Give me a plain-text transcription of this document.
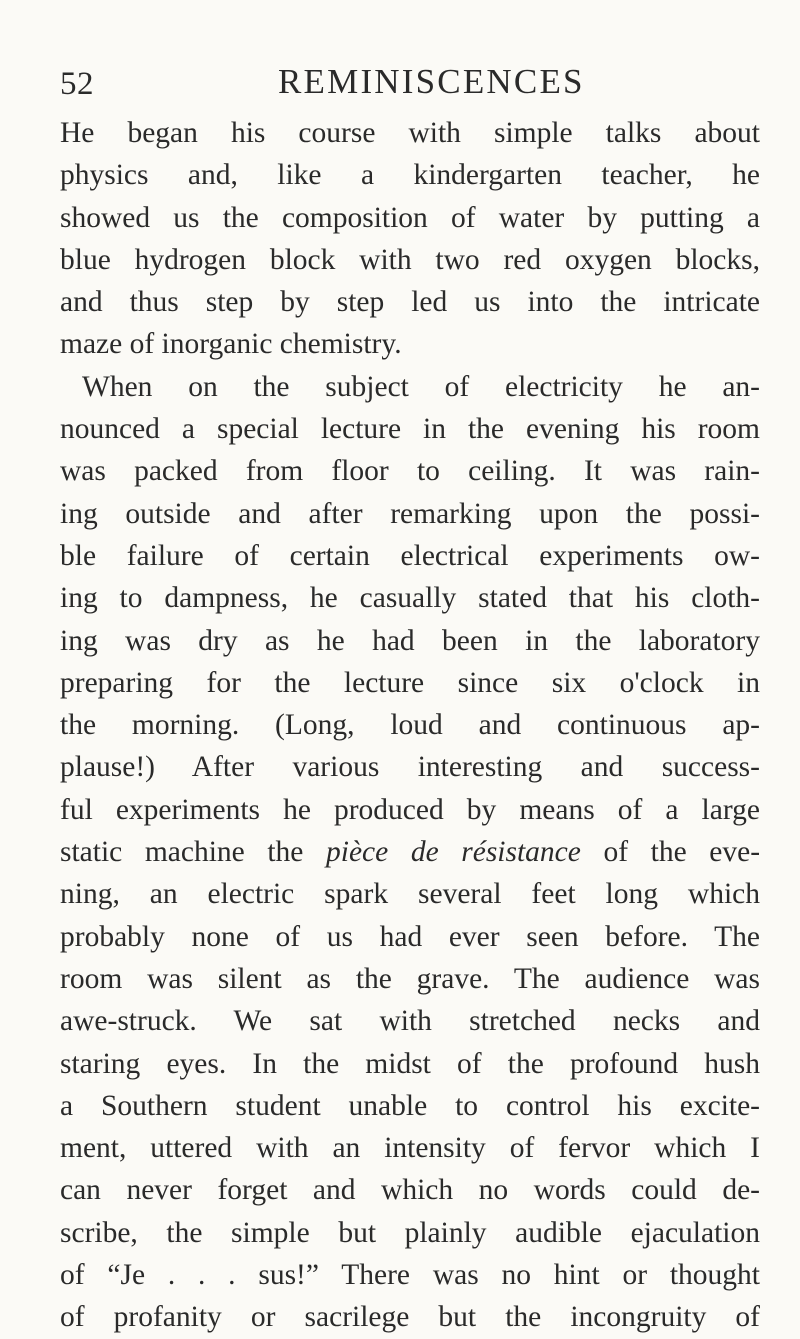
52	REMINISCENCES
He began his course with simple talks about
physics and, like a kindergarten teacher, he
showed us the composition of water by putting a
blue hydrogen block with two red oxygen blocks,
and thus step by step led us into the intricate
maze of inorganic chemistry.
When on the subject of electricity he an-
nounced a special lecture in the evening his room
was packed from floor to ceiling. It was rain-
ing outside and after remarking upon the possi-
ble failure of certain electrical experiments ow-
ing to dampness, he casually stated that his cloth-
ing was dry as he had been in the laboratory
preparing for the lecture since six o'clock in
the morning. (Long, loud and continuous ap-
plause!) After various interesting and success-
ful experiments he produced by means of a large
static machine the pièce de résistance of the eve-
ning, an electric spark several feet long which
probably none of us had ever seen before. The
room was silent as the grave. The audience was
awe-struck. We sat with stretched necks and
staring eyes. In the midst of the profound hush
a Southern student unable to control his excite-
ment, uttered with an intensity of fervor which I
can never forget and which no words could de-
scribe, the simple but plainly audible ejaculation
of “Je . . . sus!” There was no hint or thought
of profanity or sacrilege but the incongruity of
